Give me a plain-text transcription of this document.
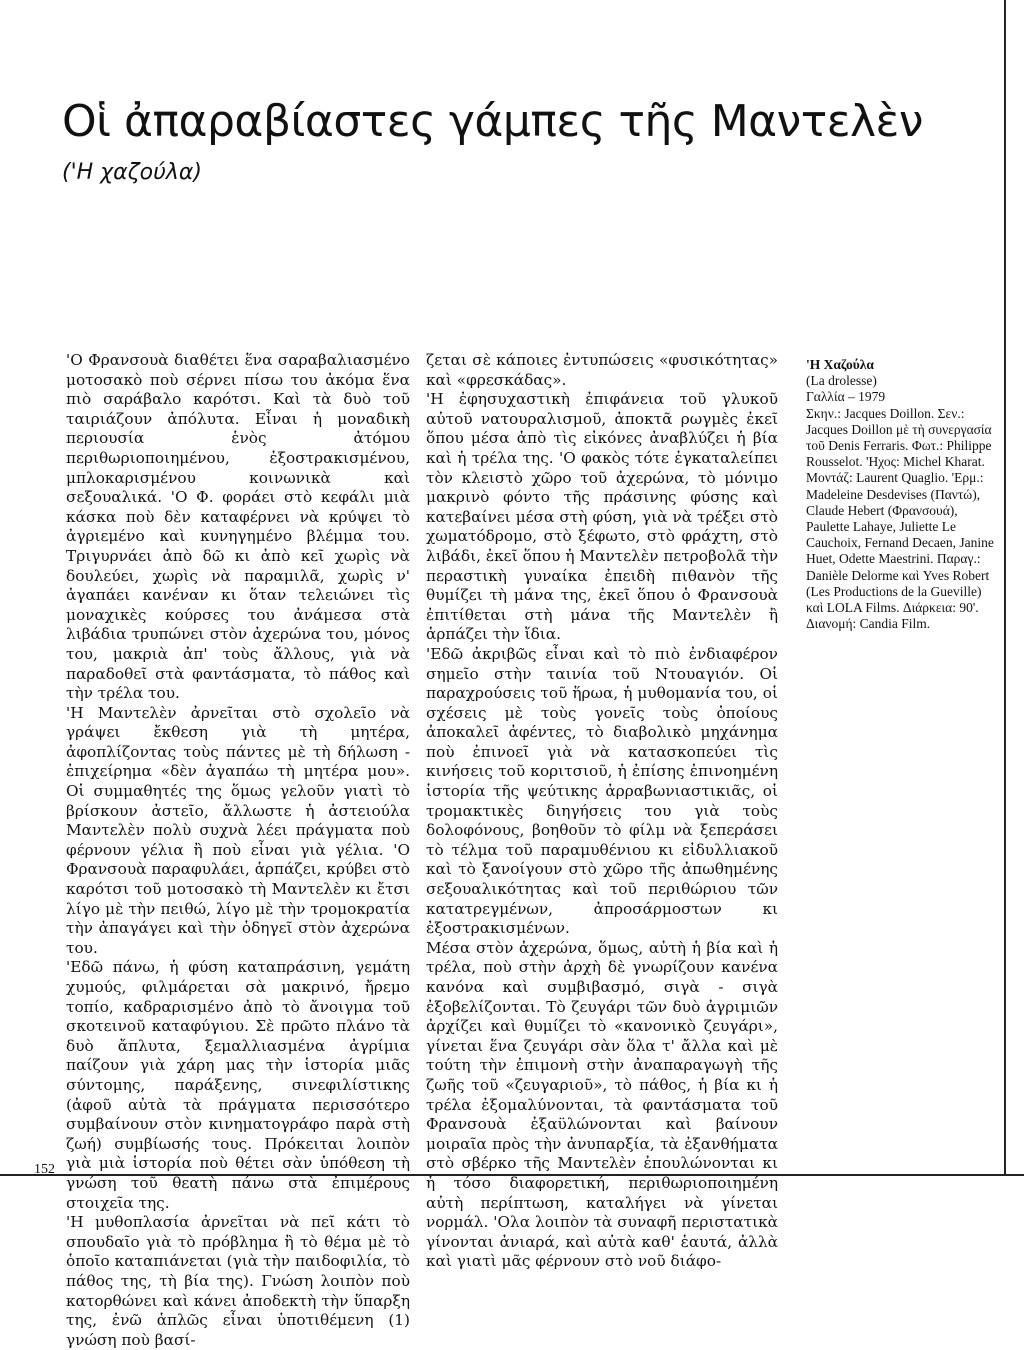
Οἱ ἀπαραβίαστες γάμπες τῆς Μαντελὲν
('Η χαζούλα)

'Ο Φρανσουὰ διαθέτει ἕνα σαραβαλιασμένο μοτοσακὸ ποὺ σέρνει πίσω του ἀκόμα ἕνα πιὸ σαράβαλο καρότσι. Καὶ τὰ δυὸ τοῦ ταιριάζουν ἀπόλυτα. Εἶναι ἡ μοναδικὴ περιουσία ἑνὸς ἀτόμου περιθωριοποιημένου, ἐξοστρακισμένου, μπλοκαρισμένου κοινωνικὰ καὶ σεξουαλικά. 'Ο Φ. φοράει στὸ κεφάλι μιὰ κάσκα ποὺ δὲν καταφέρνει νὰ κρύψει τὸ ἀγριεμένο καὶ κυνηγημένο βλέμμα του. Τριγυρνάει ἀπὸ δῶ κι ἀπὸ κεῖ χωρὶς νὰ δουλεύει, χωρὶς νὰ παραμιλᾶ, χωρὶς ν' ἀγαπάει κανέναν κι ὅταν τελειώνει τὶς μοναχικὲς κούρσες του ἀνάμεσα στὰ λιβάδια τρυπώνει στὸν ἀχερώνα του, μόνος του, μακριὰ ἀπ' τοὺς ἄλλους, γιὰ νὰ παραδοθεῖ στὰ φαντάσματα, τὸ πάθος καὶ τὴν τρέλα του.

'Η Μαντελὲν ἀρνεῖται στὸ σχολεῖο νὰ γράψει ἔκθεση γιὰ τὴ μητέρα, ἀφοπλίζοντας τοὺς πάντες μὲ τὴ δήλωση - ἐπιχείρημα «δὲν ἀγαπάω τὴ μητέρα μου». Οἱ συμμαθητές της ὅμως γελοῦν γιατὶ τὸ βρίσκουν ἀστεῖο, ἄλλωστε ἡ ἀστειούλα Μαντελὲν πολὺ συχνὰ λέει πράγματα ποὺ φέρνουν γέλια ἢ ποὺ εἶναι γιὰ γέλια. 'Ο Φρανσουὰ παραφυλάει, ἁρπάζει, κρύβει στὸ καρότσι τοῦ μοτοσακὸ τὴ Μαντελὲν κι ἔτσι λίγο μὲ τὴν πειθώ, λίγο μὲ τὴν τρομοκρατία τὴν ἀπαγάγει καὶ τὴν ὁδηγεῖ στὸν ἀχερώνα του.

'Εδῶ πάνω, ἡ φύση καταπράσινη, γεμάτη χυμούς, φιλμάρεται σὰ μακρινό, ἤρεμο τοπίο, καδραρισμένο ἀπὸ τὸ ἄνοιγμα τοῦ σκοτεινοῦ καταφύγιου. Σὲ πρῶτο πλάνο τὰ δυὸ ἄπλυτα, ξεμαλλιασμένα ἀγρίμια παίζουν γιὰ χάρη μας τὴν ἱστορία μιᾶς σύντομης, παράξενης, σινεφιλίστικης (ἀφοῦ αὐτὰ τὰ πράγματα περισσότερο συμβαίνουν στὸν κινηματογράφο παρὰ στὴ ζωή) συμβίωσής τους. Πρόκειται λοιπὸν γιὰ μιὰ ἱστορία ποὺ θέτει σὰν ὑπόθεση τὴ γνώση τοῦ θεατὴ πάνω στὰ ἐπιμέρους στοιχεῖα της.

'Η μυθοπλασία ἀρνεῖται νὰ πεῖ κάτι τὸ σπουδαῖο γιὰ τὸ πρόβλημα ἢ τὸ θέμα μὲ τὸ ὁποῖο καταπιάνεται (γιὰ τὴν παιδοφιλία, τὸ πάθος της, τὴ βία της). Γνώση λοιπὸν ποὺ κατορθώνει καὶ κάνει ἀποδεκτὴ τὴν ὕπαρξη της, ἐνῶ ἁπλῶς εἶναι ὑποτιθέμενη (1) γνώση ποὺ βασί-

ζεται σὲ κάποιες ἐντυπώσεις «φυσικότητας» καὶ «φρεσκάδας».

'Η ἐφησυχαστικὴ ἐπιφάνεια τοῦ γλυκοῦ αὐτοῦ νατουραλισμοῦ, ἀποκτᾶ ρωγμὲς ἐκεῖ ὅπου μέσα ἀπὸ τὶς εἰκόνες ἀναβλύζει ἡ βία καὶ ἡ τρέλα της. 'Ο φακὸς τότε ἐγκαταλείπει τὸν κλειστὸ χῶρο τοῦ ἀχερώνα, τὸ μόνιμο μακρινὸ φόντο τῆς πράσινης φύσης καὶ κατεβαίνει μέσα στὴ φύση, γιὰ νὰ τρέξει στὸ χωματόδρομο, στὸ ξέφωτο, στὸ φράχτη, στὸ λιβάδι, ἐκεῖ ὅπου ἡ Μαντελὲν πετροβολᾶ τὴν περαστικὴ γυναίκα ἐπειδὴ πιθανὸν τῆς θυμίζει τὴ μάνα της, ἐκεῖ ὅπου ὁ Φρανσουὰ ἐπιτίθεται στὴ μάνα τῆς Μαντελὲν ἢ ἁρπάζει τὴν ἴδια.

'Εδῶ ἀκριβῶς εἶναι καὶ τὸ πιὸ ἐνδιαφέρον σημεῖο στὴν ταινία τοῦ Ντουαγιόν. Οἱ παραχρούσεις τοῦ ἥρωα, ἡ μυθομανία του, οἱ σχέσεις μὲ τοὺς γονεῖς τοὺς ὁποίους ἀποκαλεῖ ἀφέντες, τὸ διαβολικὸ μηχάνημα ποὺ ἐπινοεῖ γιὰ νὰ κατασκοπεύει τὶς κινήσεις τοῦ κοριτσιοῦ, ἡ ἐπίσης ἐπινοημένη ἱστορία τῆς ψεύτικης ἀρραβωνιαστικιᾶς, οἱ τρομακτικὲς διηγήσεις του γιὰ τοὺς δολοφόνους, βοηθοῦν τὸ φίλμ νὰ ξεπεράσει τὸ τέλμα τοῦ παραμυθένιου κι εἰδυλλιακοῦ καὶ τὸ ξανοίγουν στὸ χῶρο τῆς ἀπωθημένης σεξουαλικότητας καὶ τοῦ περιθώριου τῶν κατατρεγμένων, ἀπροσάρμοστων κι ἐξοστρακισμένων.

Μέσα στὸν ἀχερώνα, ὅμως, αὐτὴ ἡ βία καὶ ἡ τρέλα, ποὺ στὴν ἀρχὴ δὲ γνωρίζουν κανένα κανόνα καὶ συμβιβασμό, σιγὰ - σιγὰ ἐξοβελίζονται. Τὸ ζευγάρι τῶν δυὸ ἀγριμιῶν ἀρχίζει καὶ θυμίζει τὸ «κανονικὸ ζευγάρι», γίνεται ἕνα ζευγάρι σὰν ὅλα τ' ἄλλα καὶ μὲ τούτη τὴν ἐπιμονὴ στὴν ἀναπαραγωγὴ τῆς ζωῆς τοῦ «ζευγαριοῦ», τὸ πάθος, ἡ βία κι ἡ τρέλα ἐξομαλύνονται, τὰ φαντάσματα τοῦ Φρανσουὰ ἐξαϋλώνονται καὶ βαίνουν μοιραῖα πρὸς τὴν ἀνυπαρξία, τὰ ἐξανθήματα στὸ σβέρκο τῆς Μαντελὲν ἐπουλώνονται κι ἡ τόσο διαφορετική, περιθωριοποιημένη αὐτὴ περίπτωση, καταλήγει νὰ γίνεται νορμάλ. 'Ολα λοιπὸν τὰ συναφῆ περιστατικὰ γίνονται ἀνιαρά, καὶ αὐτὰ καθ' ἑαυτά, ἀλλὰ καὶ γιατὶ μᾶς φέρνουν στὸ νοῦ διάφο-

'Η Χαζούλα
(La drolesse)
Γαλλία – 1979
Σκην.: Jacques Doillon. Σεν.: Jacques Doillon μὲ τὴ συνεργασία τοῦ Denis Ferraris. Φωτ.: Philippe Rousselot. 'Ηχος: Michel Kharat. Μοντάζ: Laurent Quaglio. 'Ερμ.: Madeleine Desdevises (Παντώ), Claude Hebert (Φρανσουά), Paulette Lahaye, Juliette Le Cauchoix, Fernand Decaen, Janine Huet, Odette Maestrini. Παραγ.: Danièle Delorme καὶ Yves Robert (Les Productions de la Gueville) καὶ LOLA Films. Διάρκεια: 90'. Διανομή: Candia Film.
152
